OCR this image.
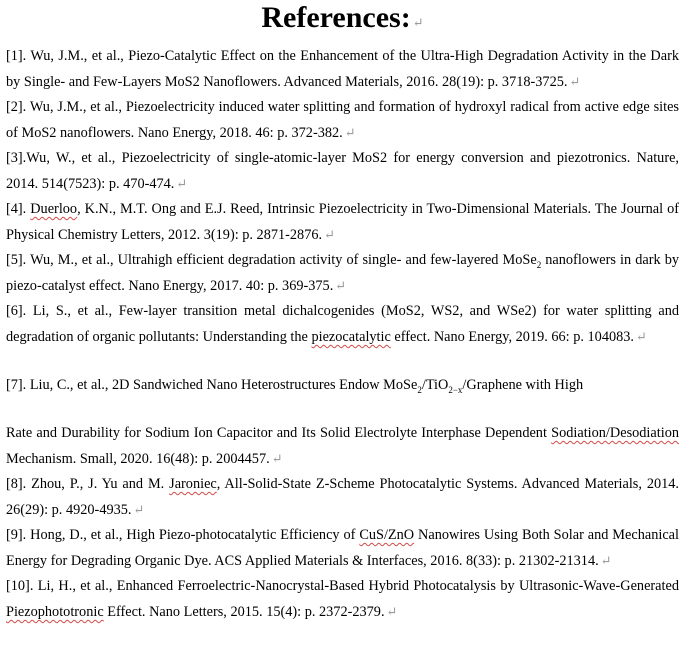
References: ↵

[1]. Wu, J.M., et al., Piezo-Catalytic Effect on the Enhancement of the Ultra-High Degradation Activity in the Dark by Single- and Few-Layers MoS2 Nanoflowers. Advanced Materials, 2016. 28(19): p. 3718-3725. ↵

[2]. Wu, J.M., et al., Piezoelectricity induced water splitting and formation of hydroxyl radical from active edge sites of MoS2 nanoflowers. Nano Energy, 2018. 46: p. 372-382. ↵

[3].Wu, W., et al., Piezoelectricity of single-atomic-layer MoS2 for energy conversion and piezotronics. Nature, 2014. 514(7523): p. 470-474. ↵

[4]. Duerloo, K.N., M.T. Ong and E.J. Reed, Intrinsic Piezoelectricity in Two-Dimensional Materials. The Journal of Physical Chemistry Letters, 2012. 3(19): p. 2871-2876. ↵

[5]. Wu, M., et al., Ultrahigh efficient degradation activity of single- and few-layered MoSe$_2$ nanoflowers in dark by piezo-catalyst effect. Nano Energy, 2017. 40: p. 369-375. ↵

[6]. Li, S., et al., Few-layer transition metal dichalcogenides (MoS2, WS2, and WSe2) for water splitting and degradation of organic pollutants: Understanding the piezocatalytic effect. Nano Energy, 2019. 66: p. 104083. ↵

[7]. Liu, C., et al., 2D Sandwiched Nano Heterostructures Endow MoSe$_2$/TiO$_{2-x}$/Graphene with High

Rate and Durability for Sodium Ion Capacitor and Its Solid Electrolyte Interphase Dependent Sodiation/Desodiation Mechanism. Small, 2020. 16(48): p. 2004457. ↵

[8]. Zhou, P., J. Yu and M. Jaroniec, All-Solid-State Z-Scheme Photocatalytic Systems. Advanced Materials, 2014. 26(29): p. 4920-4935. ↵

[9]. Hong, D., et al., High Piezo-photocatalytic Efficiency of CuS/ZnO Nanowires Using Both Solar and Mechanical Energy for Degrading Organic Dye. ACS Applied Materials & Interfaces, 2016. 8(33): p. 21302-21314. ↵

[10]. Li, H., et al., Enhanced Ferroelectric-Nanocrystal-Based Hybrid Photocatalysis by Ultrasonic-Wave-Generated Piezophototronic Effect. Nano Letters, 2015. 15(4): p. 2372-2379. ↵
